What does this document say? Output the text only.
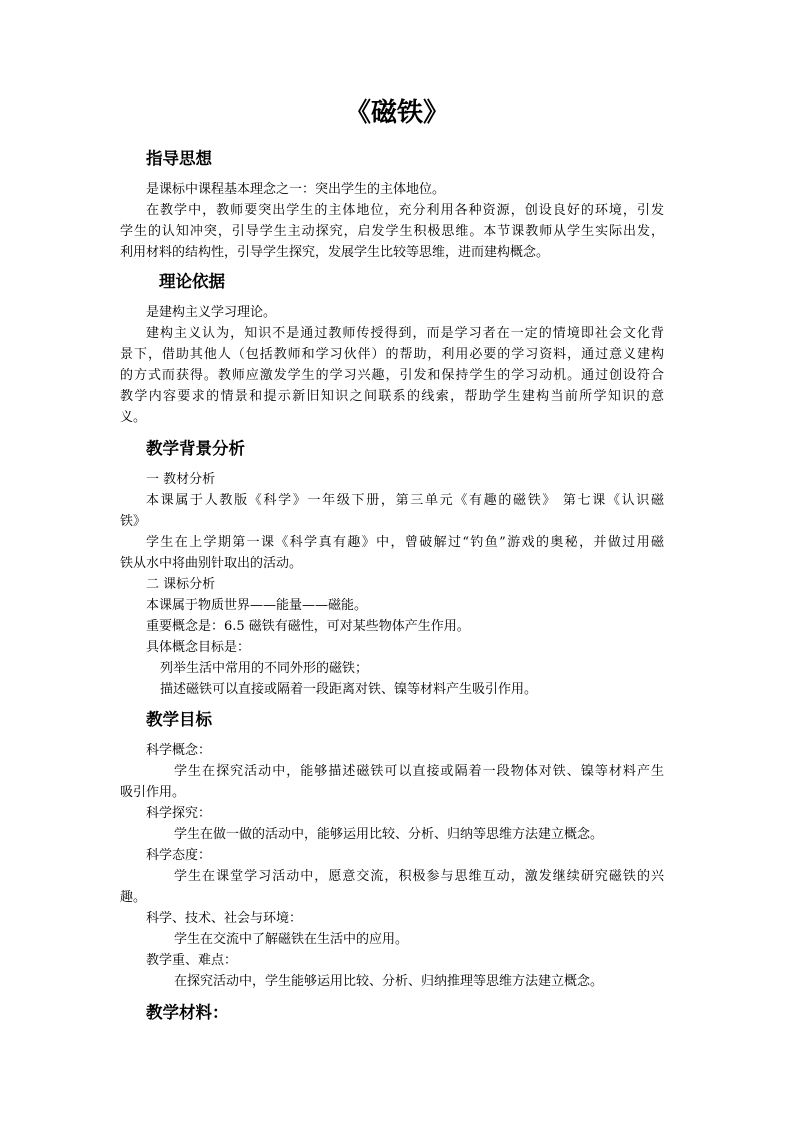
《磁铁》
指导思想
是课标中课程基本理念之一：突出学生的主体地位。
在教学中，教师要突出学生的主体地位，充分利用各种资源，创设良好的环境，引发
学生的认知冲突，引导学生主动探究，启发学生积极思维。本节课教师从学生实际出发，
利用材料的结构性，引导学生探究，发展学生比较等思维，进而建构概念。
理论依据
是建构主义学习理论。
建构主义认为，知识不是通过教师传授得到，而是学习者在一定的情境即社会文化背
景下，借助其他人（包括教师和学习伙伴）的帮助，利用必要的学习资料，通过意义建构
的方式而获得。教师应激发学生的学习兴趣，引发和保持学生的学习动机。通过创设符合
教学内容要求的情景和提示新旧知识之间联系的线索，帮助学生建构当前所学知识的意
义。
教学背景分析
一 教材分析
本课属于人教版《科学》一年级下册，第三单元《有趣的磁铁》 第七课《认识磁
铁》
学生在上学期第一课《科学真有趣》中，曾破解过“钓鱼”游戏的奥秘，并做过用磁
铁从水中将曲别针取出的活动。
二 课标分析
本课属于物质世界——能量——磁能。
重要概念是：6.5 磁铁有磁性，可对某些物体产生作用。
具体概念目标是：
列举生活中常用的不同外形的磁铁；
描述磁铁可以直接或隔着一段距离对铁、镍等材料产生吸引作用。
教学目标
科学概念：
学生在探究活动中，能够描述磁铁可以直接或隔着一段物体对铁、镍等材料产生
吸引作用。
科学探究：
学生在做一做的活动中，能够运用比较、分析、归纳等思维方法建立概念。
科学态度：
学生在课堂学习活动中，愿意交流，积极参与思维互动，激发继续研究磁铁的兴
趣。
科学、技术、社会与环境：
学生在交流中了解磁铁在生活中的应用。
教学重、难点：
在探究活动中，学生能够运用比较、分析、归纳推理等思维方法建立概念。
教学材料：
